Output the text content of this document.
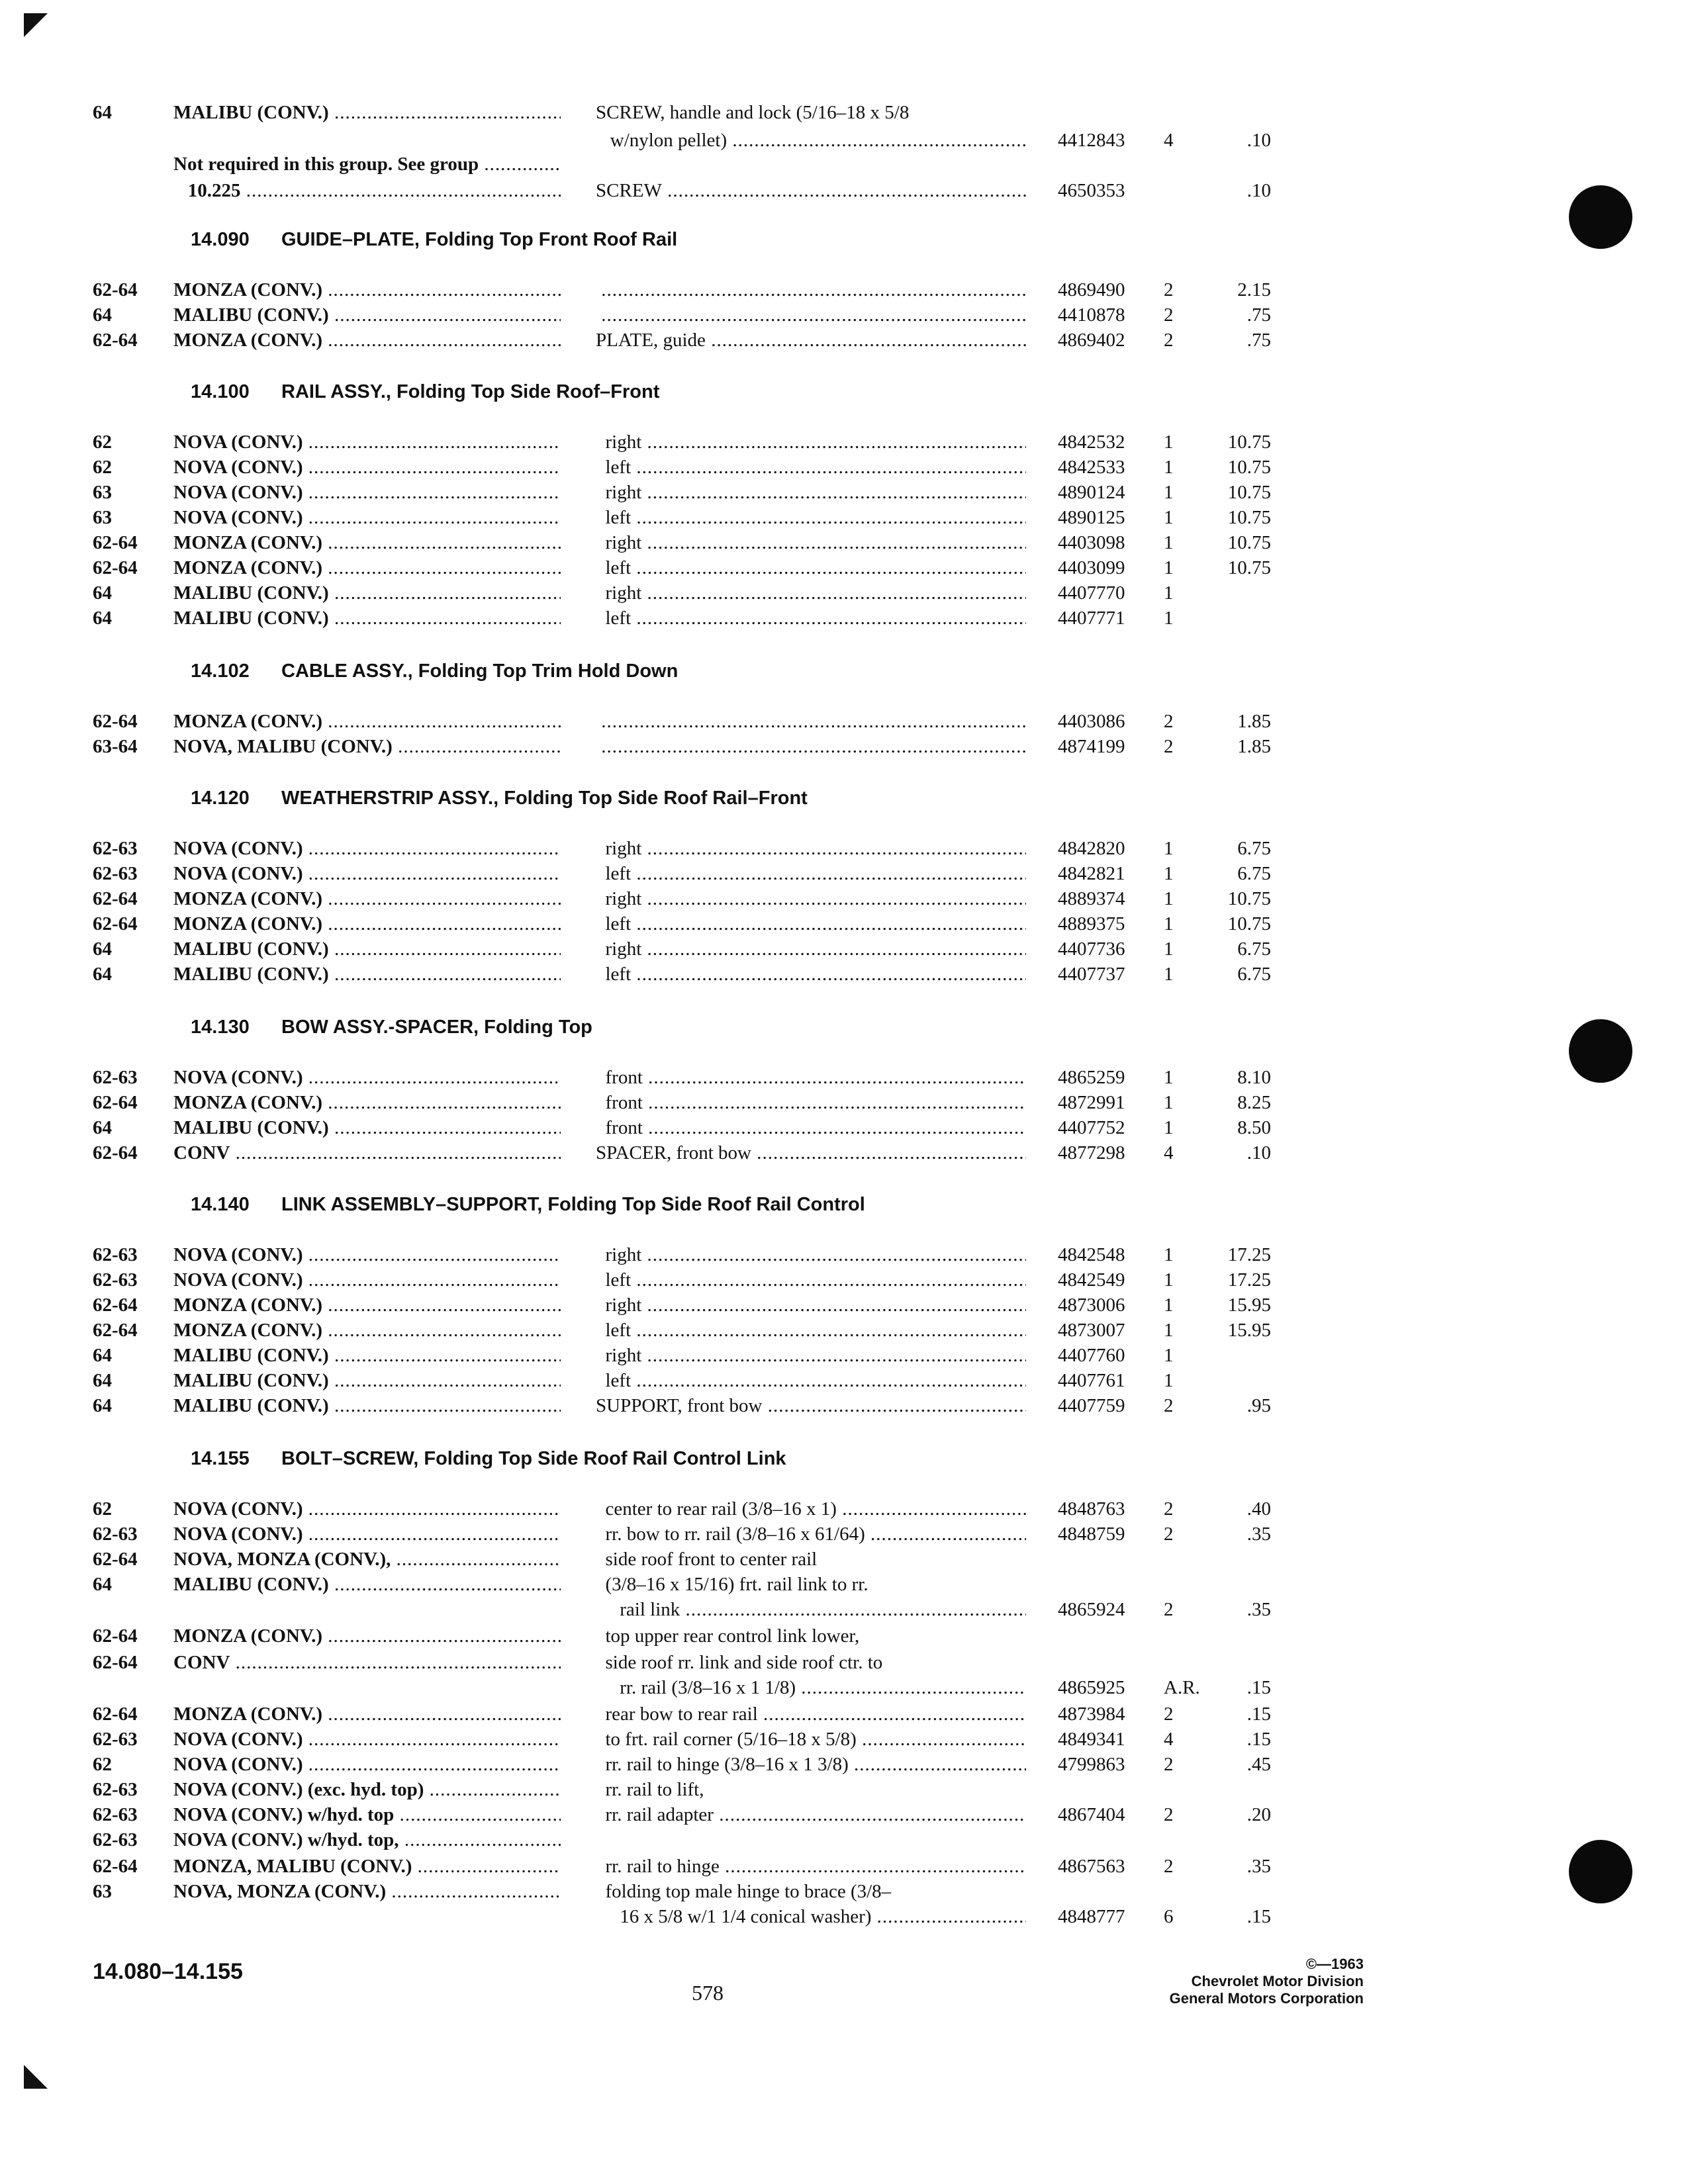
64	MALIBU (CONV.) .....	SCREW, handle and lock (5/16–18 x 5/8
w/nylon pellet) .....	4412843	4	.10
Not required in this group. See group .....
10.225 .....	SCREW .....	4650353	.10
14.090	GUIDE–PLATE, Folding Top Front Roof Rail
62-64	MONZA (CONV.) ..... .....	4869490	2	2.15
64	MALIBU (CONV.) ..... .....	4410878	2	.75
62-64	MONZA (CONV.) .....	PLATE, guide .....	4869402	2	.75
14.100	RAIL ASSY., Folding Top Side Roof–Front
62	NOVA (CONV.) .....	right .....	4842532	1	10.75
62	NOVA (CONV.) .....	left .....	4842533	1	10.75
63	NOVA (CONV.) .....	right .....	4890124	1	10.75
63	NOVA (CONV.) .....	left .....	4890125	1	10.75
62-64	MONZA (CONV.) .....	right .....	4403098	1	10.75
62-64	MONZA (CONV.) .....	left .....	4403099	1	10.75
64	MALIBU (CONV.) .....	right .....	4407770	1
64	MALIBU (CONV.) .....	left .....	4407771	1
14.102	CABLE ASSY., Folding Top Trim Hold Down
62-64	MONZA (CONV.) ..... .....	4403086	2	1.85
63-64	NOVA, MALIBU (CONV.) ..... .....	4874199	2	1.85
14.120	WEATHERSTRIP ASSY., Folding Top Side Roof Rail–Front
62-63	NOVA (CONV.) .....	right .....	4842820	1	6.75
62-63	NOVA (CONV.) .....	left .....	4842821	1	6.75
62-64	MONZA (CONV.) .....	right .....	4889374	1	10.75
62-64	MONZA (CONV.) .....	left .....	4889375	1	10.75
64	MALIBU (CONV.) .....	right .....	4407736	1	6.75
64	MALIBU (CONV.) .....	left .....	4407737	1	6.75
14.130	BOW ASSY.-SPACER, Folding Top
62-63	NOVA (CONV.) .....	front .....	4865259	1	8.10
62-64	MONZA (CONV.) .....	front .....	4872991	1	8.25
64	MALIBU (CONV.) .....	front .....	4407752	1	8.50
62-64	CONV .....	SPACER, front bow .....	4877298	4	.10
14.140	LINK ASSEMBLY–SUPPORT, Folding Top Side Roof Rail Control
62-63	NOVA (CONV.) .....	right .....	4842548	1	17.25
62-63	NOVA (CONV.) .....	left .....	4842549	1	17.25
62-64	MONZA (CONV.) .....	right .....	4873006	1	15.95
62-64	MONZA (CONV.) .....	left .....	4873007	1	15.95
64	MALIBU (CONV.) .....	right .....	4407760	1
64	MALIBU (CONV.) .....	left .....	4407761	1
64	MALIBU (CONV.) .....	SUPPORT, front bow .....	4407759	2	.95
14.155	BOLT–SCREW, Folding Top Side Roof Rail Control Link
62	NOVA (CONV.) .....	center to rear rail (3/8–16 x 1) .....	4848763	2	.40
62-63	NOVA (CONV.) .....	rr. bow to rr. rail (3/8–16 x 61/64) .....	4848759	2	.35
62-64	NOVA, MONZA (CONV.), .....	side roof front to center rail
64	MALIBU (CONV.) .....	(3/8–16 x 15/16) frt. rail link to rr.
rail link .....	4865924	2	.35
62-64	MONZA (CONV.) .....	top upper rear control link lower,
62-64	CONV .....	side roof rr. link and side roof ctr. to
rr. rail (3/8–16 x 1 1/8) .....	4865925	A.R.	.15
62-64	MONZA (CONV.) .....	rear bow to rear rail .....	4873984	2	.15
62-63	NOVA (CONV.) .....	to frt. rail corner (5/16–18 x 5/8) .....	4849341	4	.15
62	NOVA (CONV.) .....	rr. rail to hinge (3/8–16 x 1 3/8) .....	4799863	2	.45
62-63	NOVA (CONV.) (exc. hyd. top) .....	rr. rail to lift,
62-63	NOVA (CONV.) w/hyd. top .....	rr. rail adapter .....	4867404	2	.20
62-63	NOVA (CONV.) w/hyd. top, .....
62-64	MONZA, MALIBU (CONV.) .....	rr. rail to hinge .....	4867563	2	.35
63	NOVA, MONZA (CONV.) .....	folding top male hinge to brace (3/8–
16 x 5/8 w/1 1/4 conical washer) .....	4848777	6	.15
14.080–14.155
578
©—1963
Chevrolet Motor Division
General Motors Corporation
